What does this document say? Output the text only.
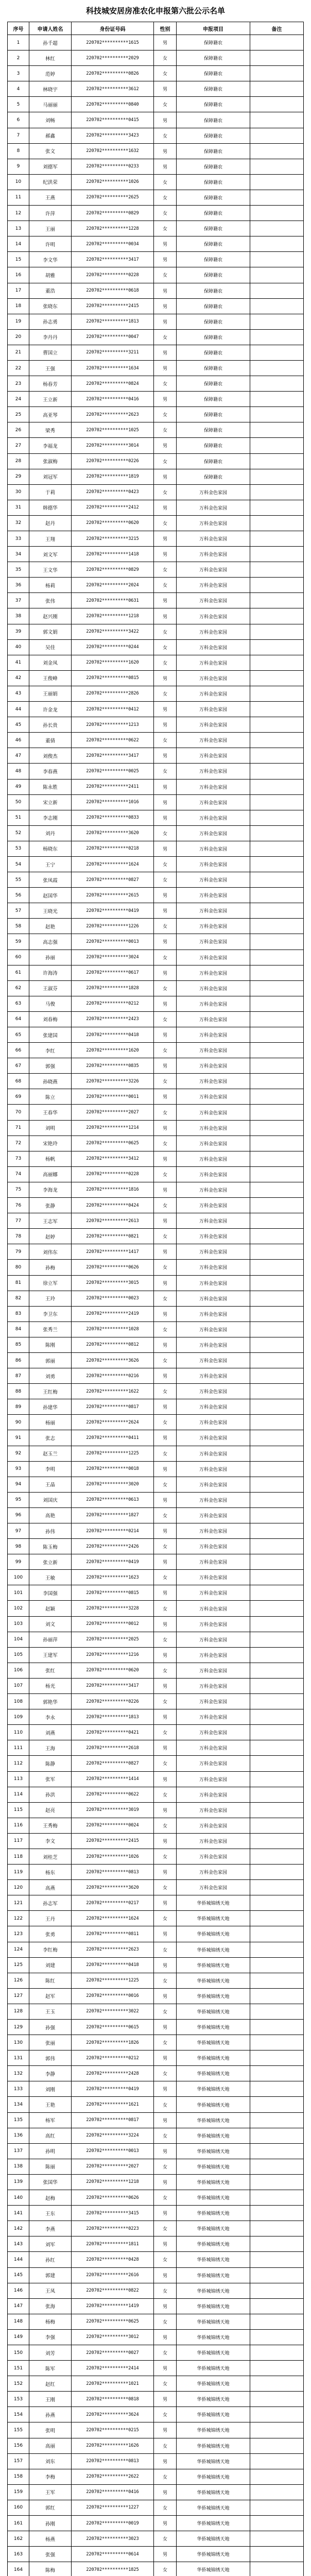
科技城安居房准农化申报第六批公示名单
序号	申请人姓名	身份证号码	性别	申报项目	备注
1	孙千超	220702**********1615	男	保障籍农	
2	林红	220702**********2029	女	保障籍农	
3	范婷	220702**********0826	女	保障籍农	
4	林晓宇	220702**********3612	男	保障籍农	
5	马丽丽	220702**********0840	女	保障籍农	
6	刘畅	220702**********0415	男	保障籍农	
7	郝鑫	220702**********3423	女	保障籍农	
8	张文	220702**********1632	男	保障籍农	
9	刘德军	220702**********0233	男	保障籍农	
10	纪洪荣	220702**********1026	女	保障籍农	
11	王燕	220702**********2625	女	保障籍农	
12	许萍	220702**********0829	女	保障籍农	
13	王丽	220702**********1228	女	保障籍农	
14	许明	220702**********0034	男	保障籍农	
15	李文华	220702**********3417	男	保障籍农	
16	胡雅	220702**********0228	女	保障籍农	
17	董浩	220702**********0618	男	保障籍农	
18	张晓东	220702**********2415	男	保障籍农	
19	孙志勇	220702**********1813	男	保障籍农	
20	李丹丹	220702**********0047	女	保障籍农	
21	曹国立	220702**********3211	男	保障籍农	
22	王强	220702**********1634	男	保障籍农	
23	杨春芳	220702**********0824	女	保障籍农	
24	王立新	220702**********0416	男	保障籍农	
25	高亚琴	220702**********2623	女	保障籍农	
26	梁秀	220702**********1025	女	保障籍农	
27	李福龙	220702**********3014	男	保障籍农	
28	张淑梅	220702**********0226	女	保障籍农	
29	刘冠军	220702**********1819	男	保障籍农	
30	于莉	220702**********0423	女	万科金色家园	
31	韩德华	220702**********2412	男	万科金色家园	
32	赵丹	220702**********0620	女	万科金色家园	
33	王翔	220702**********3215	男	万科金色家园	
34	刘文军	220702**********1418	男	万科金色家园	
35	王文华	220702**********0829	女	万科金色家园	
36	杨莉	220702**********2024	女	万科金色家园	
37	张伟	220702**********0631	男	万科金色家园	
38	赵兴刚	220702**********1218	男	万科金色家园	
39	郭文娟	220702**********3422	女	万科金色家园	
40	吴佳	220702**********0244	女	万科金色家园	
41	刘金凤	220702**********1620	女	万科金色家园	
42	王俊峰	220702**********0815	男	万科金色家园	
43	王丽娟	220702**********2826	女	万科金色家园	
44	许金龙	220702**********0412	男	万科金色家园	
45	孙长贵	220702**********1213	男	万科金色家园	
46	董倩	220702**********0622	女	万科金色家园	
47	刘俊杰	220702**********3417	男	万科金色家园	
48	李春燕	220702**********0025	女	万科金色家园	
49	陈永胜	220702**********2411	男	万科金色家园	
50	宋立新	220702**********1016	男	万科金色家园	
51	李志刚	220702**********0833	男	万科金色家园	
52	刘丹	220702**********3620	女	万科金色家园	
53	杨晓东	220702**********0218	男	万科金色家园	
54	王宁	220702**********1624	女	万科金色家园	
55	张凤霞	220702**********0827	女	万科金色家园	
56	赵国华	220702**********2615	男	万科金色家园	
57	王晓光	220702**********0419	男	万科金色家园	
58	赵艳	220702**********1226	女	万科金色家园	
59	高志强	220702**********0013	男	万科金色家园	
60	孙丽	220702**********3024	女	万科金色家园	
61	许海涛	220702**********0617	男	万科金色家园	
62	王淑芬	220702**********1828	女	万科金色家园	
63	马俊	220702**********0212	男	万科金色家园	
64	刘春梅	220702**********2423	女	万科金色家园	
65	张建国	220702**********0418	男	万科金色家园	
66	李红	220702**********1620	女	万科金色家园	
67	郭强	220702**********0835	男	万科金色家园	
68	孙晓燕	220702**********3226	女	万科金色家园	
69	陈立	220702**********0011	男	万科金色家园	
70	王春华	220702**********2027	女	万科金色家园	
71	刘明	220702**********1214	男	万科金色家园	
72	宋艳玲	220702**********0625	女	万科金色家园	
73	杨帆	220702**********3412	男	万科金色家园	
74	高丽娜	220702**********0228	女	万科金色家园	
75	李海龙	220702**********1816	男	万科金色家园	
76	张静	220702**********0424	女	万科金色家园	
77	王志军	220702**********2613	男	万科金色家园	
78	赵婷	220702**********0821	女	万科金色家园	
79	刘伟东	220702**********1417	男	万科金色家园	
80	孙梅	220702**********0626	女	万科金色家园	
81	徐立军	220702**********3015	男	万科金色家园	
82	王玲	220702**********0023	女	万科金色家园	
83	李卫东	220702**********2419	男	万科金色家园	
84	张秀兰	220702**********1028	女	万科金色家园	
85	陈刚	220702**********0812	男	万科金色家园	
86	郭丽	220702**********3626	女	万科金色家园	
87	刘勇	220702**********0216	男	万科金色家园	
88	王红梅	220702**********1622	女	万科金色家园	
89	孙建华	220702**********0817	男	万科金色家园	
90	杨丽	220702**********2624	女	万科金色家园	
91	张志	220702**********0411	男	万科金色家园	
92	赵玉兰	220702**********1225	女	万科金色家园	
93	李明	220702**********0018	男	万科金色家园	
94	王晶	220702**********3020	女	万科金色家园	
95	刘国庆	220702**********0613	男	万科金色家园	
96	高艳	220702**********1827	女	万科金色家园	
97	孙伟	220702**********0214	男	万科金色家园	
98	陈玉梅	220702**********2426	女	万科金色家园	
99	张立新	220702**********0419	男	万科金色家园	
100	王敏	220702**********1623	女	万科金色家园	
101	李国强	220702**********0815	男	万科金色家园	
102	赵颖	220702**********3228	女	万科金色家园	
103	刘文	220702**********0012	男	万科金色家园	
104	孙丽萍	220702**********2025	女	万科金色家园	
105	王建军	220702**********1216	男	万科金色家园	
106	张红	220702**********0620	女	万科金色家园	
107	杨光	220702**********3417	男	万科金色家园	
108	郭艳华	220702**********0226	女	万科金色家园	
109	李永	220702**********1813	男	万科金色家园	
110	刘燕	220702**********0421	女	万科金色家园	
111	王海	220702**********2618	男	万科金色家园	
112	陈静	220702**********0827	女	万科金色家园	
113	张军	220702**********1414	男	万科金色家园	
114	孙洪	220702**********0622	女	万科金色家园	
115	赵亮	220702**********3019	男	万科金色家园	
116	王秀梅	220702**********0024	女	万科金色家园	
117	李文	220702**********2415	男	万科金色家园	
118	刘桂芝	220702**********1026	女	万科金色家园	
119	杨东	220702**********0813	男	万科金色家园	
120	高燕	220702**********3620	女	万科金色家园	
121	孙志军	220702**********0217	男	华侨城锦绣天地	
122	王丹	220702**********1624	女	华侨城锦绣天地	
123	张勇	220702**********0811	男	华侨城锦绣天地	
124	李红梅	220702**********2623	女	华侨城锦绣天地	
125	刘建	220702**********0418	男	华侨城锦绣天地	
126	陈红	220702**********1225	女	华侨城锦绣天地	
127	赵军	220702**********0016	男	华侨城锦绣天地	
128	王玉	220702**********3022	女	华侨城锦绣天地	
129	孙强	220702**********0615	男	华侨城锦绣天地	
130	张丽	220702**********1826	女	华侨城锦绣天地	
131	郭伟	220702**********0212	男	华侨城锦绣天地	
132	李静	220702**********2428	女	华侨城锦绣天地	
133	刘刚	220702**********0419	男	华侨城锦绣天地	
134	王艳	220702**********1621	女	华侨城锦绣天地	
135	杨军	220702**********0817	男	华侨城锦绣天地	
136	高红	220702**********3224	女	华侨城锦绣天地	
137	孙明	220702**********0013	男	华侨城锦绣天地	
138	陈丽	220702**********2027	女	华侨城锦绣天地	
139	张国华	220702**********1218	男	华侨城锦绣天地	
140	赵梅	220702**********0626	女	华侨城锦绣天地	
141	王东	220702**********3415	男	华侨城锦绣天地	
142	李燕	220702**********0223	女	华侨城锦绣天地	
143	刘军	220702**********1811	男	华侨城锦绣天地	
144	孙红	220702**********0428	女	华侨城锦绣天地	
145	郭建	220702**********2616	男	华侨城锦绣天地	
146	王凤	220702**********0822	女	华侨城锦绣天地	
147	张海	220702**********1419	男	华侨城锦绣天地	
148	杨梅	220702**********0625	女	华侨城锦绣天地	
149	李强	220702**********3012	男	华侨城锦绣天地	
150	刘芳	220702**********0027	女	华侨城锦绣天地	
151	陈军	220702**********2414	男	华侨城锦绣天地	
152	赵红	220702**********1021	女	华侨城锦绣天地	
153	王刚	220702**********0818	男	华侨城锦绣天地	
154	孙燕	220702**********3624	女	华侨城锦绣天地	
155	张明	220702**********0215	男	华侨城锦绣天地	
156	高丽	220702**********1626	女	华侨城锦绣天地	
157	刘东	220702**********0813	男	华侨城锦绣天地	
158	李梅	220702**********2622	女	华侨城锦绣天地	
159	王军	220702**********0416	男	华侨城锦绣天地	
160	郭红	220702**********1227	女	华侨城锦绣天地	
161	孙刚	220702**********0019	男	华侨城锦绣天地	
162	杨燕	220702**********3023	女	华侨城锦绣天地	
163	张强	220702**********0614	男	华侨城锦绣天地	
164	陈梅	220702**********1825	女	华侨城锦绣天地	
